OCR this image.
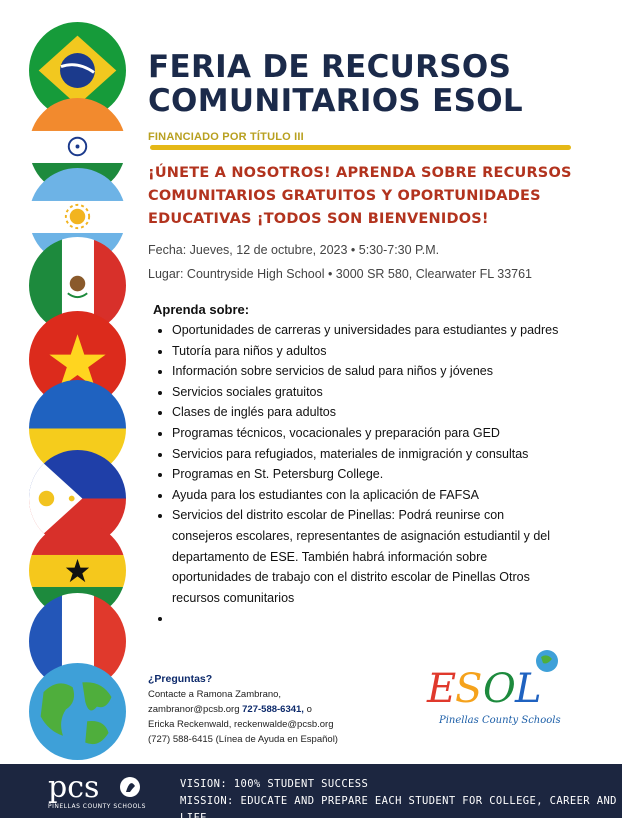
FERIA DE RECURSOS
COMUNITARIOS ESOL
FINANCIADO POR TÍTULO III
¡ÚNETE A NOSOTROS! APRENDA SOBRE RECURSOS
COMUNITARIOS GRATUITOS Y OPORTUNIDADES
EDUCATIVAS ¡TODOS SON BIENVENIDOS!
Fecha: Jueves, 12 de octubre, 2023 • 5:30-7:30 P.M.
Lugar: Countryside High School • 3000 SR 580, Clearwater FL 33761
Aprenda sobre:
• Oportunidades de carreras y universidades para estudiantes y padres
• Tutoría para niños y adultos
• Información sobre servicios de salud para niños y jóvenes
• Servicios sociales gratuitos
• Clases de inglés para adultos
• Programas técnicos, vocacionales y preparación para GED
• Servicios para refugiados, materiales de inmigración y consultas
• Programas en St. Petersburg College.
• Ayuda para los estudiantes con la aplicación de FAFSA
• Servicios del distrito escolar de Pinellas: Podrá reunirse con consejeros escolares, representantes de asignación estudiantil y del departamento de ESE. También habrá información sobre oportunidades de trabajo con el distrito escolar de Pinellas Otros recursos comunitarios
•
¿Preguntas?
Contacte a Ramona Zambrano,
zambranor@pcsb.org 727-588-6341, o
Ericka Reckenwald, reckenwalde@pcsb.org
(727) 588-6415 (Línea de Ayuda en Español)
E
S O L
Pinellas County Schools
pcs
PINELLAS COUNTY SCHOOLS
VISION: 100% STUDENT SUCCESS
MISSION: EDUCATE AND PREPARE EACH STUDENT FOR COLLEGE, CAREER AND LIFE
